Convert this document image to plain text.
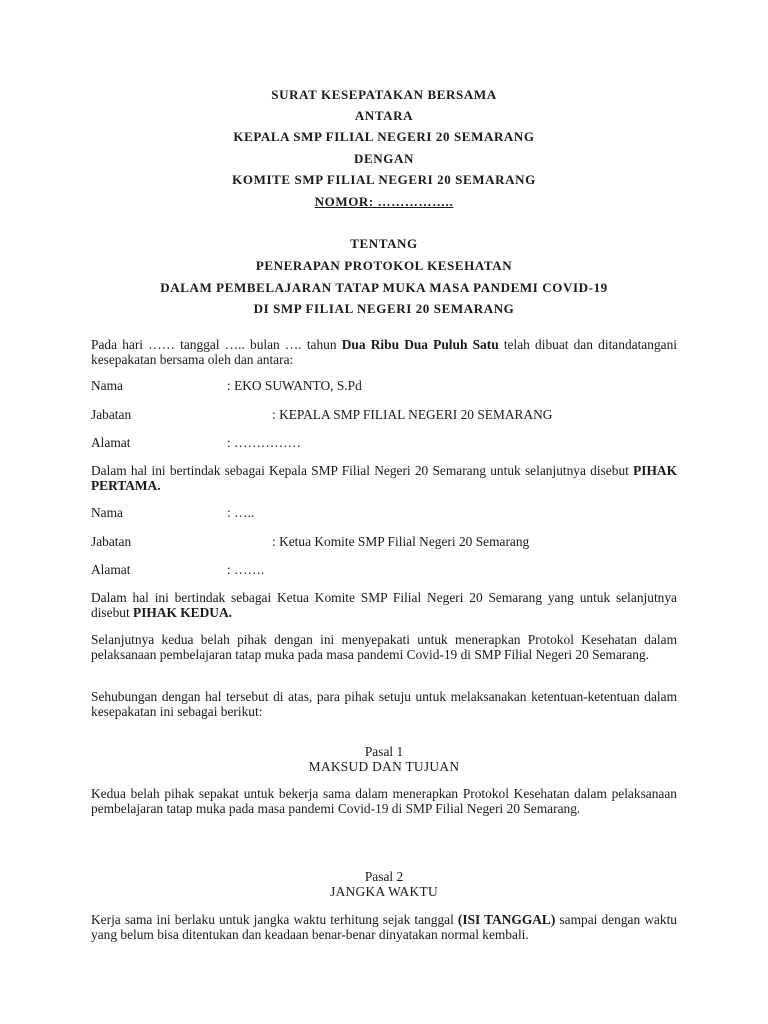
SURAT KESEPATAKAN BERSAMA
ANTARA
KEPALA SMP FILIAL NEGERI 20 SEMARANG
DENGAN
KOMITE SMP FILIAL NEGERI 20 SEMARANG
NOMOR: ……………..
TENTANG
PENERAPAN PROTOKOL KESEHATAN
DALAM PEMBELAJARAN TATAP MUKA MASA PANDEMI COVID-19
DI SMP FILIAL NEGERI 20 SEMARANG
Pada hari …… tanggal ….. bulan …. tahun Dua Ribu Dua Puluh Satu telah dibuat dan ditandatangani kesepakatan bersama oleh dan antara:
Nama	: EKO SUWANTO, S.Pd
Jabatan	: KEPALA SMP FILIAL NEGERI 20 SEMARANG
Alamat	: ……………
Dalam hal ini bertindak sebagai Kepala SMP Filial Negeri 20 Semarang untuk selanjutnya disebut PIHAK PERTAMA.
Nama	: …..
Jabatan	: Ketua Komite SMP Filial Negeri 20 Semarang
Alamat	: …….
Dalam hal ini bertindak sebagai Ketua Komite SMP Filial Negeri 20 Semarang yang untuk selanjutnya disebut PIHAK KEDUA.
Selanjutnya kedua belah pihak dengan ini menyepakati untuk menerapkan Protokol Kesehatan dalam pelaksanaan pembelajaran tatap muka pada masa pandemi Covid-19 di SMP Filial Negeri 20 Semarang.
Sehubungan dengan hal tersebut di atas, para pihak setuju untuk melaksanakan ketentuan-ketentuan dalam kesepakatan ini sebagai berikut:
Pasal 1
MAKSUD DAN TUJUAN
Kedua belah pihak sepakat untuk bekerja sama dalam menerapkan Protokol Kesehatan dalam pelaksanaan pembelajaran tatap muka pada masa pandemi Covid-19 di SMP Filial Negeri 20 Semarang.
Pasal 2
JANGKA WAKTU
Kerja sama ini berlaku untuk jangka waktu terhitung sejak tanggal (ISI TANGGAL) sampai dengan waktu yang belum bisa ditentukan dan keadaan benar-benar dinyatakan normal kembali.
